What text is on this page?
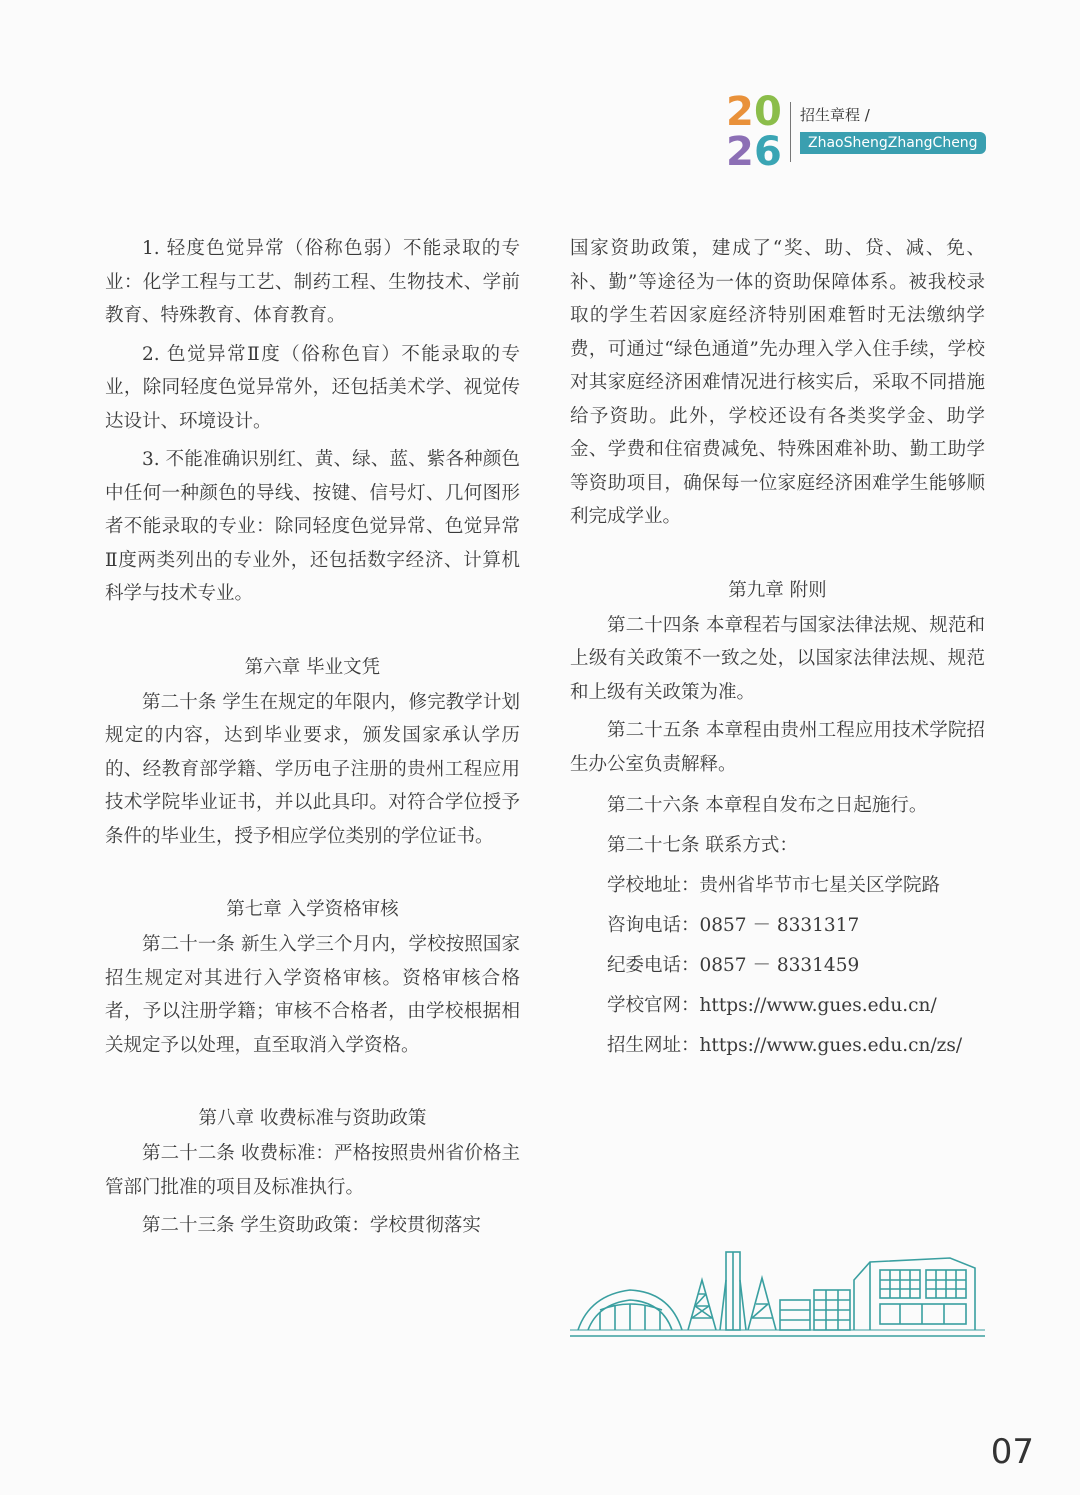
2 0
2 6
招生章程 /
ZhaoShengZhangCheng
1. 轻度色觉异常（俗称色弱）不能录取的专业：化学工程与工艺、制药工程、生物技术、学前教育、特殊教育、体育教育。
2. 色觉异常Ⅱ度（俗称色盲）不能录取的专业，除同轻度色觉异常外，还包括美术学、视觉传达设计、环境设计。
3. 不能准确识别红、黄、绿、蓝、紫各种颜色中任何一种颜色的导线、按键、信号灯、几何图形者不能录取的专业：除同轻度色觉异常、色觉异常Ⅱ度两类列出的专业外，还包括数字经济、计算机科学与技术专业。
第六章 毕业文凭
第二十条 学生在规定的年限内，修完教学计划规定的内容，达到毕业要求，颁发国家承认学历的、经教育部学籍、学历电子注册的贵州工程应用技术学院毕业证书，并以此具印。对符合学位授予条件的毕业生，授予相应学位类别的学位证书。
第七章 入学资格审核
第二十一条 新生入学三个月内，学校按照国家招生规定对其进行入学资格审核。资格审核合格者，予以注册学籍；审核不合格者，由学校根据相关规定予以处理，直至取消入学资格。
第八章 收费标准与资助政策
第二十二条 收费标准：严格按照贵州省价格主管部门批准的项目及标准执行。
第二十三条 学生资助政策：学校贯彻落实
国家资助政策，建成了“奖、助、贷、减、免、补、勤”等途径为一体的资助保障体系。被我校录取的学生若因家庭经济特别困难暂时无法缴纳学费，可通过“绿色通道”先办理入学入住手续，学校对其家庭经济困难情况进行核实后，采取不同措施给予资助。此外，学校还设有各类奖学金、助学金、学费和住宿费减免、特殊困难补助、勤工助学等资助项目，确保每一位家庭经济困难学生能够顺利完成学业。
第九章 附则
第二十四条 本章程若与国家法律法规、规范和上级有关政策不一致之处，以国家法律法规、规范和上级有关政策为准。
第二十五条 本章程由贵州工程应用技术学院招生办公室负责解释。
第二十六条 本章程自发布之日起施行。
第二十七条 联系方式：
学校地址：贵州省毕节市七星关区学院路
咨询电话：0857 － 8331317
纪委电话：0857 － 8331459
学校官网：https://www.gues.edu.cn/
招生网址：https://www.gues.edu.cn/zs/
07
